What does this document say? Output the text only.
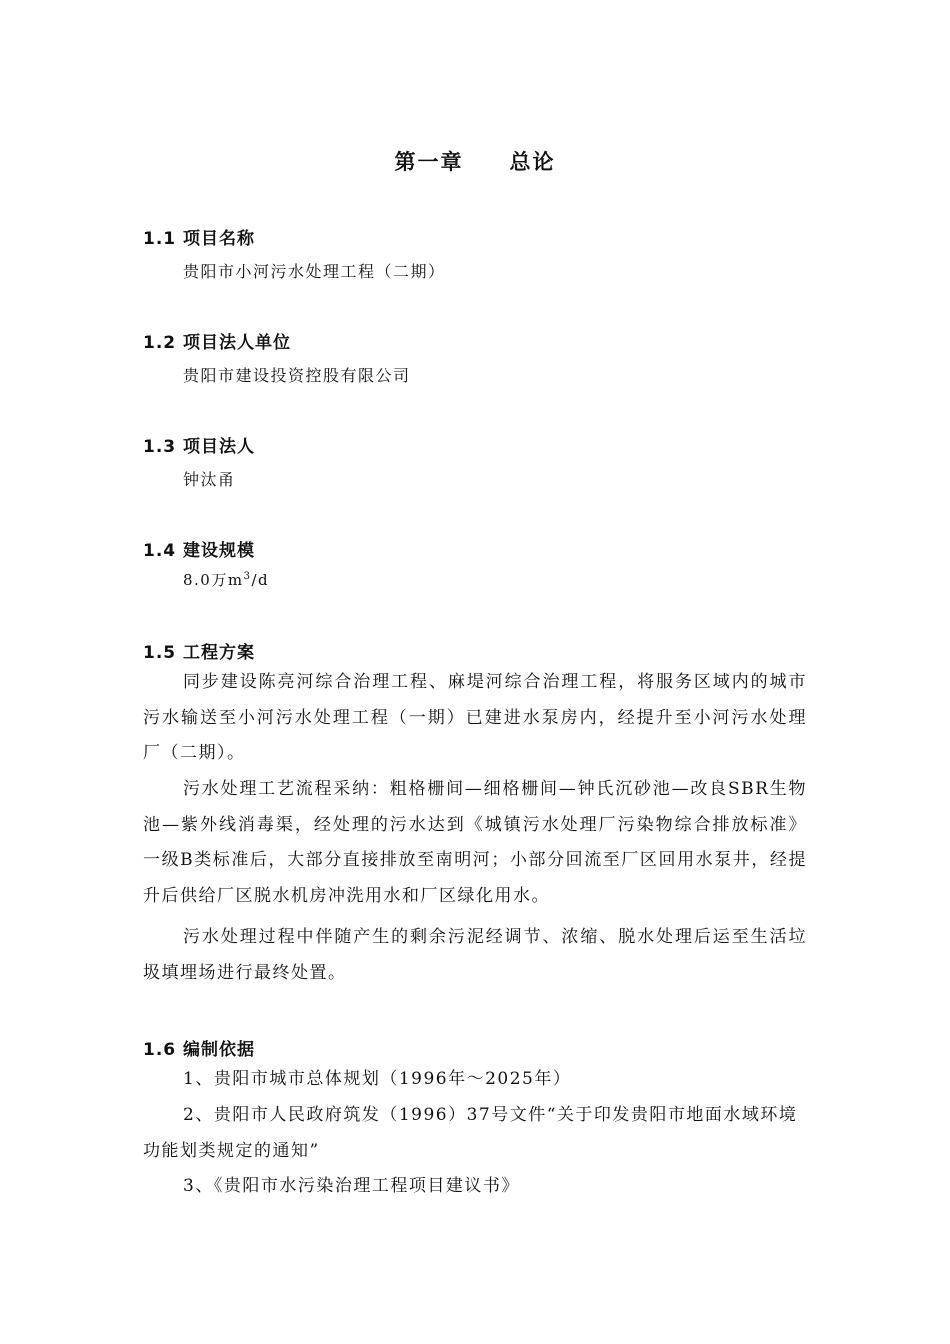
第一章　　总论
1.1 项目名称
贵阳市小河污水处理工程（二期）
1.2 项目法人单位
贵阳市建设投资控股有限公司
1.3 项目法人
钟汰甬
1.4 建设规模
8.0万$m^3/d$
1.5 工程方案

同步建设陈亮河综合治理工程、麻堤河综合治理工程，将服务区域内的城市污水输送至小河污水处理工程（一期）已建进水泵房内，经提升至小河污水处理厂（二期）。

污水处理工艺流程采纳：粗格栅间—细格栅间—钟氏沉砂池—改良SBR生物池—紫外线消毒渠，经处理的污水达到《城镇污水处理厂污染物综合排放标准》一级B类标准后，大部分直接排放至南明河；小部分回流至厂区回用水泵井，经提升后供给厂区脱水机房冲洗用水和厂区绿化用水。

污水处理过程中伴随产生的剩余污泥经调节、浓缩、脱水处理后运至生活垃圾填埋场进行最终处置。

1.6 编制依据

1、贵阳市城市总体规划（1996年～2025年）

2、贵阳市人民政府筑发（1996）37号文件“关于印发贵阳市地面水域环境功能划类规定的通知”

3、《贵阳市水污染治理工程项目建议书》
